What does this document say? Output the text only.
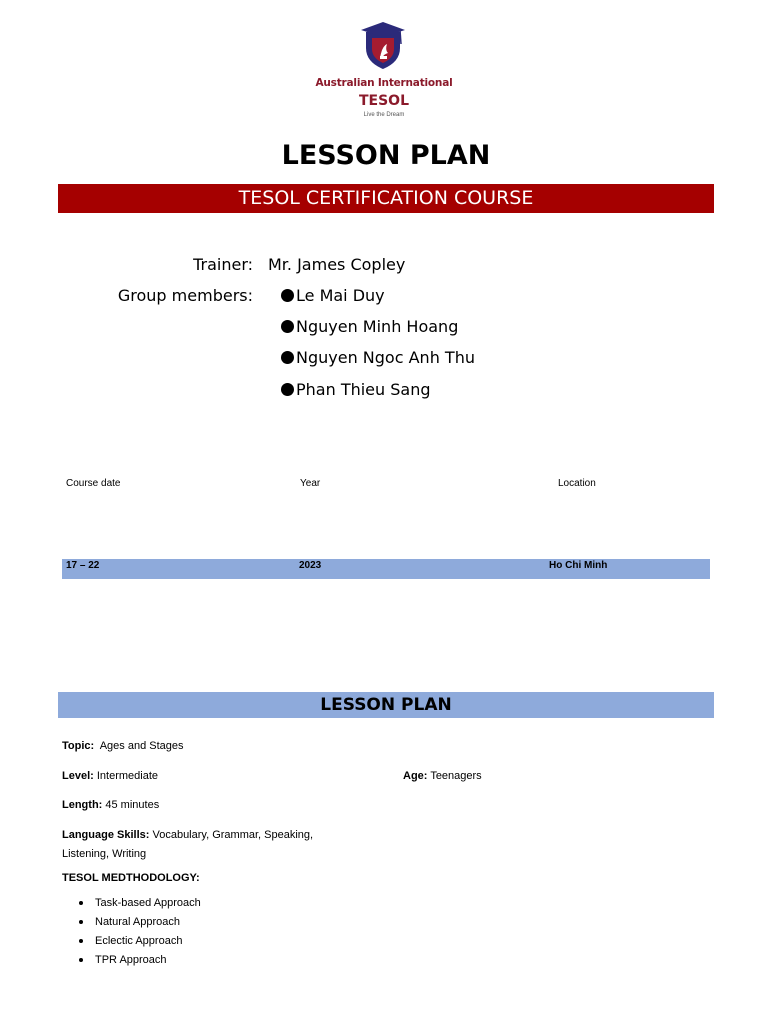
Australian International
TESOL
Live the Dream
LESSON PLAN
TESOL CERTIFICATION COURSE
Trainer: Mr. James Copley
Group members:	Le Mai Duy
Nguyen Minh Hoang
Nguyen Ngoc Anh Thu
Phan Thieu Sang
Course date	Year	Location
17 – 22	2023	Ho Chi Minh
LESSON PLAN
Topic: Ages and Stages
Level: Intermediate	Age: Teenagers
Length: 45 minutes
Language Skills: Vocabulary, Grammar, Speaking,
Listening, Writing
TESOL MEDTHODOLOGY:
Task-based Approach
Natural Approach
Eclectic Approach
TPR Approach
